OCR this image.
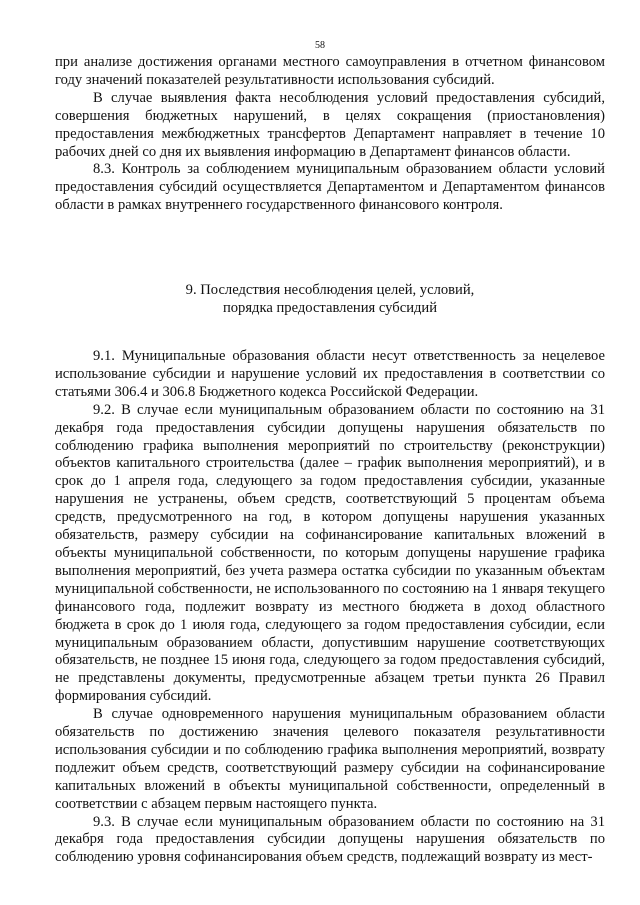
58

при анализе достижения органами местного самоуправления в отчетном финансовом году значений показателей результативности использования субсидий.

В случае выявления факта несоблюдения условий предоставления субсидий, совершения бюджетных нарушений, в целях сокращения (приостановления) предоставления межбюджетных трансфертов Департамент направляет в течение 10 рабочих дней со дня их выявления информацию в Департамент финансов области.

8.3. Контроль за соблюдением муниципальным образованием области условий предоставления субсидий осуществляется Департаментом и Департаментом финансов области в рамках внутреннего государственного финансового контроля.

9. Последствия несоблюдения целей, условий,
порядка предоставления субсидий

9.1. Муниципальные образования области несут ответственность за нецелевое использование субсидии и нарушение условий их предоставления в соответствии со статьями 306.4 и 306.8 Бюджетного кодекса Российской Федерации.

9.2. В случае если муниципальным образованием области по состоянию на 31 декабря года предоставления субсидии допущены нарушения обязательств по соблюдению графика выполнения мероприятий по строительству (реконструкции) объектов капитального строительства (далее – график выполнения мероприятий), и в срок до 1 апреля года, следующего за годом предоставления субсидии, указанные нарушения не устранены, объем средств, соответствующий 5 процентам объема средств, предусмотренного на год, в котором допущены нарушения указанных обязательств, размеру субсидии на софинансирование капитальных вложений в объекты муниципальной собственности, по которым допущены нарушение графика выполнения мероприятий, без учета размера остатка субсидии по указанным объектам муниципальной собственности, не использованного по состоянию на 1 января текущего финансового года, подлежит возврату из местного бюджета в доход областного бюджета в срок до 1 июля года, следующего за годом предоставления субсидии, если муниципальным образованием области, допустившим нарушение соответствующих обязательств, не позднее 15 июня года, следующего за годом предоставления субсидий, не представлены документы, предусмотренные абзацем третьи пункта 26 Правил формирования субсидий.

В случае одновременного нарушения муниципальным образованием области обязательств по достижению значения целевого показателя результативности использования субсидии и по соблюдению графика выполнения мероприятий, возврату подлежит объем средств, соответствующий размеру субсидии на софинансирование капитальных вложений в объекты муниципальной собственности, определенный в соответствии с абзацем первым настоящего пункта.

9.3. В случае если муниципальным образованием области по состоянию на 31 декабря года предоставления субсидии допущены нарушения обязательств по соблюдению уровня софинансирования объем средств, подлежащий возврату из мест-
